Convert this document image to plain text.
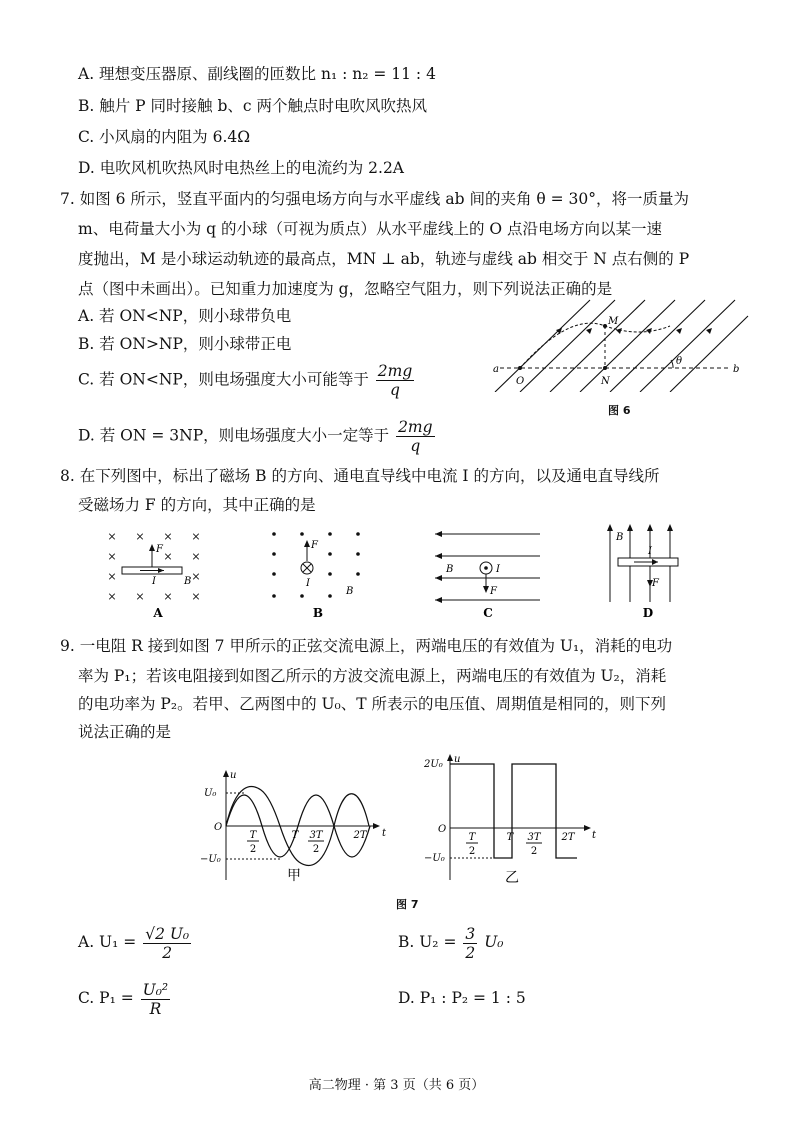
A. 理想变压器原、副线圈的匝数比 n₁ : n₂ = 11 : 4
B. 触片 P 同时接触 b、c 两个触点时电吹风吹热风
C. 小风扇的内阻为 6.4Ω
D. 电吹风机吹热风时电热丝上的电流约为 2.2A
7. 如图 6 所示，竖直平面内的匀强电场方向与水平虚线 ab 间的夹角 θ = 30°，将一质量为
m、电荷量大小为 q 的小球（可视为质点）从水平虚线上的 O 点沿电场方向以某一速
度抛出，M 是小球运动轨迹的最高点，MN ⊥ ab，轨迹与虚线 ab 相交于 N 点右侧的 P
点（图中未画出）。已知重力加速度为 g，忽略空气阻力，则下列说法正确的是
A. 若 ON<NP，则小球带负电
B. 若 ON>NP，则小球带正电
C. 若 ON<NP，则电场强度大小可能等于 $\frac{2mg}{q}$
D. 若 ON = 3NP，则电场强度大小一定等于 $\frac{2mg}{q}$
a	b
O	N
M
θ
图 6
8. 在下列图中，标出了磁场 B 的方向、通电直导线中电流 I 的方向，以及通电直导线所
受磁场力 F 的方向，其中正确的是
× × × ×
×	× ×
×	×
× × × ×
F
I	B
A
F
I
B
B
F
I
B
C
F
I
B
D
9. 一电阻 R 接到如图 7 甲所示的正弦交流电源上，两端电压的有效值为 U₁，消耗的电功
率为 P₁；若该电阻接到如图乙所示的方波交流电源上，两端电压的有效值为 U₂，消耗
的电功率为 P₂。若甲、乙两图中的 U₀、T 所表示的电压值、周期值是相同的，则下列
说法正确的是
u
U₀
O
−U₀
t
T
2
T 3T
2
2T
甲
u
2U₀
O
−U₀
t
T
2
T 3T
2
2T
乙
图 7
A. $U_1 = \frac{\text{√2 U₀}}{2}$	B. $U_2 = \frac{3}{2} U_0$
C. $P_1 = \frac{\text{U₀²}}{R}$	D. P₁ : P₂ = 1 : 5
高二物理 · 第 3 页（共 6 页）
